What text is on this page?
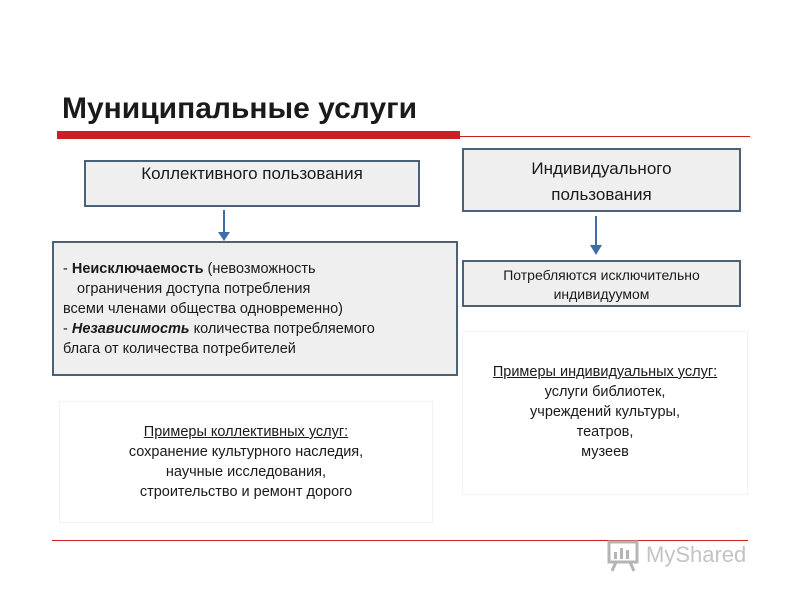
Муниципальные услуги
Коллективного пользования
- Неисключаемость (невозможность
ограничения доступа потребления
всеми членами общества одновременно)
- Независимость количества потребляемого
блага от количества потребителей
Примеры коллективных услуг:
сохранение культурного наследия,
научные исследования,
строительство и ремонт дорого
Индивидуального
пользования
Потребляются исключительно
индивидуумом
Примеры индивидуальных услуг:
услуги библиотек,
учреждений культуры,
театров,
музеев
MyShared
